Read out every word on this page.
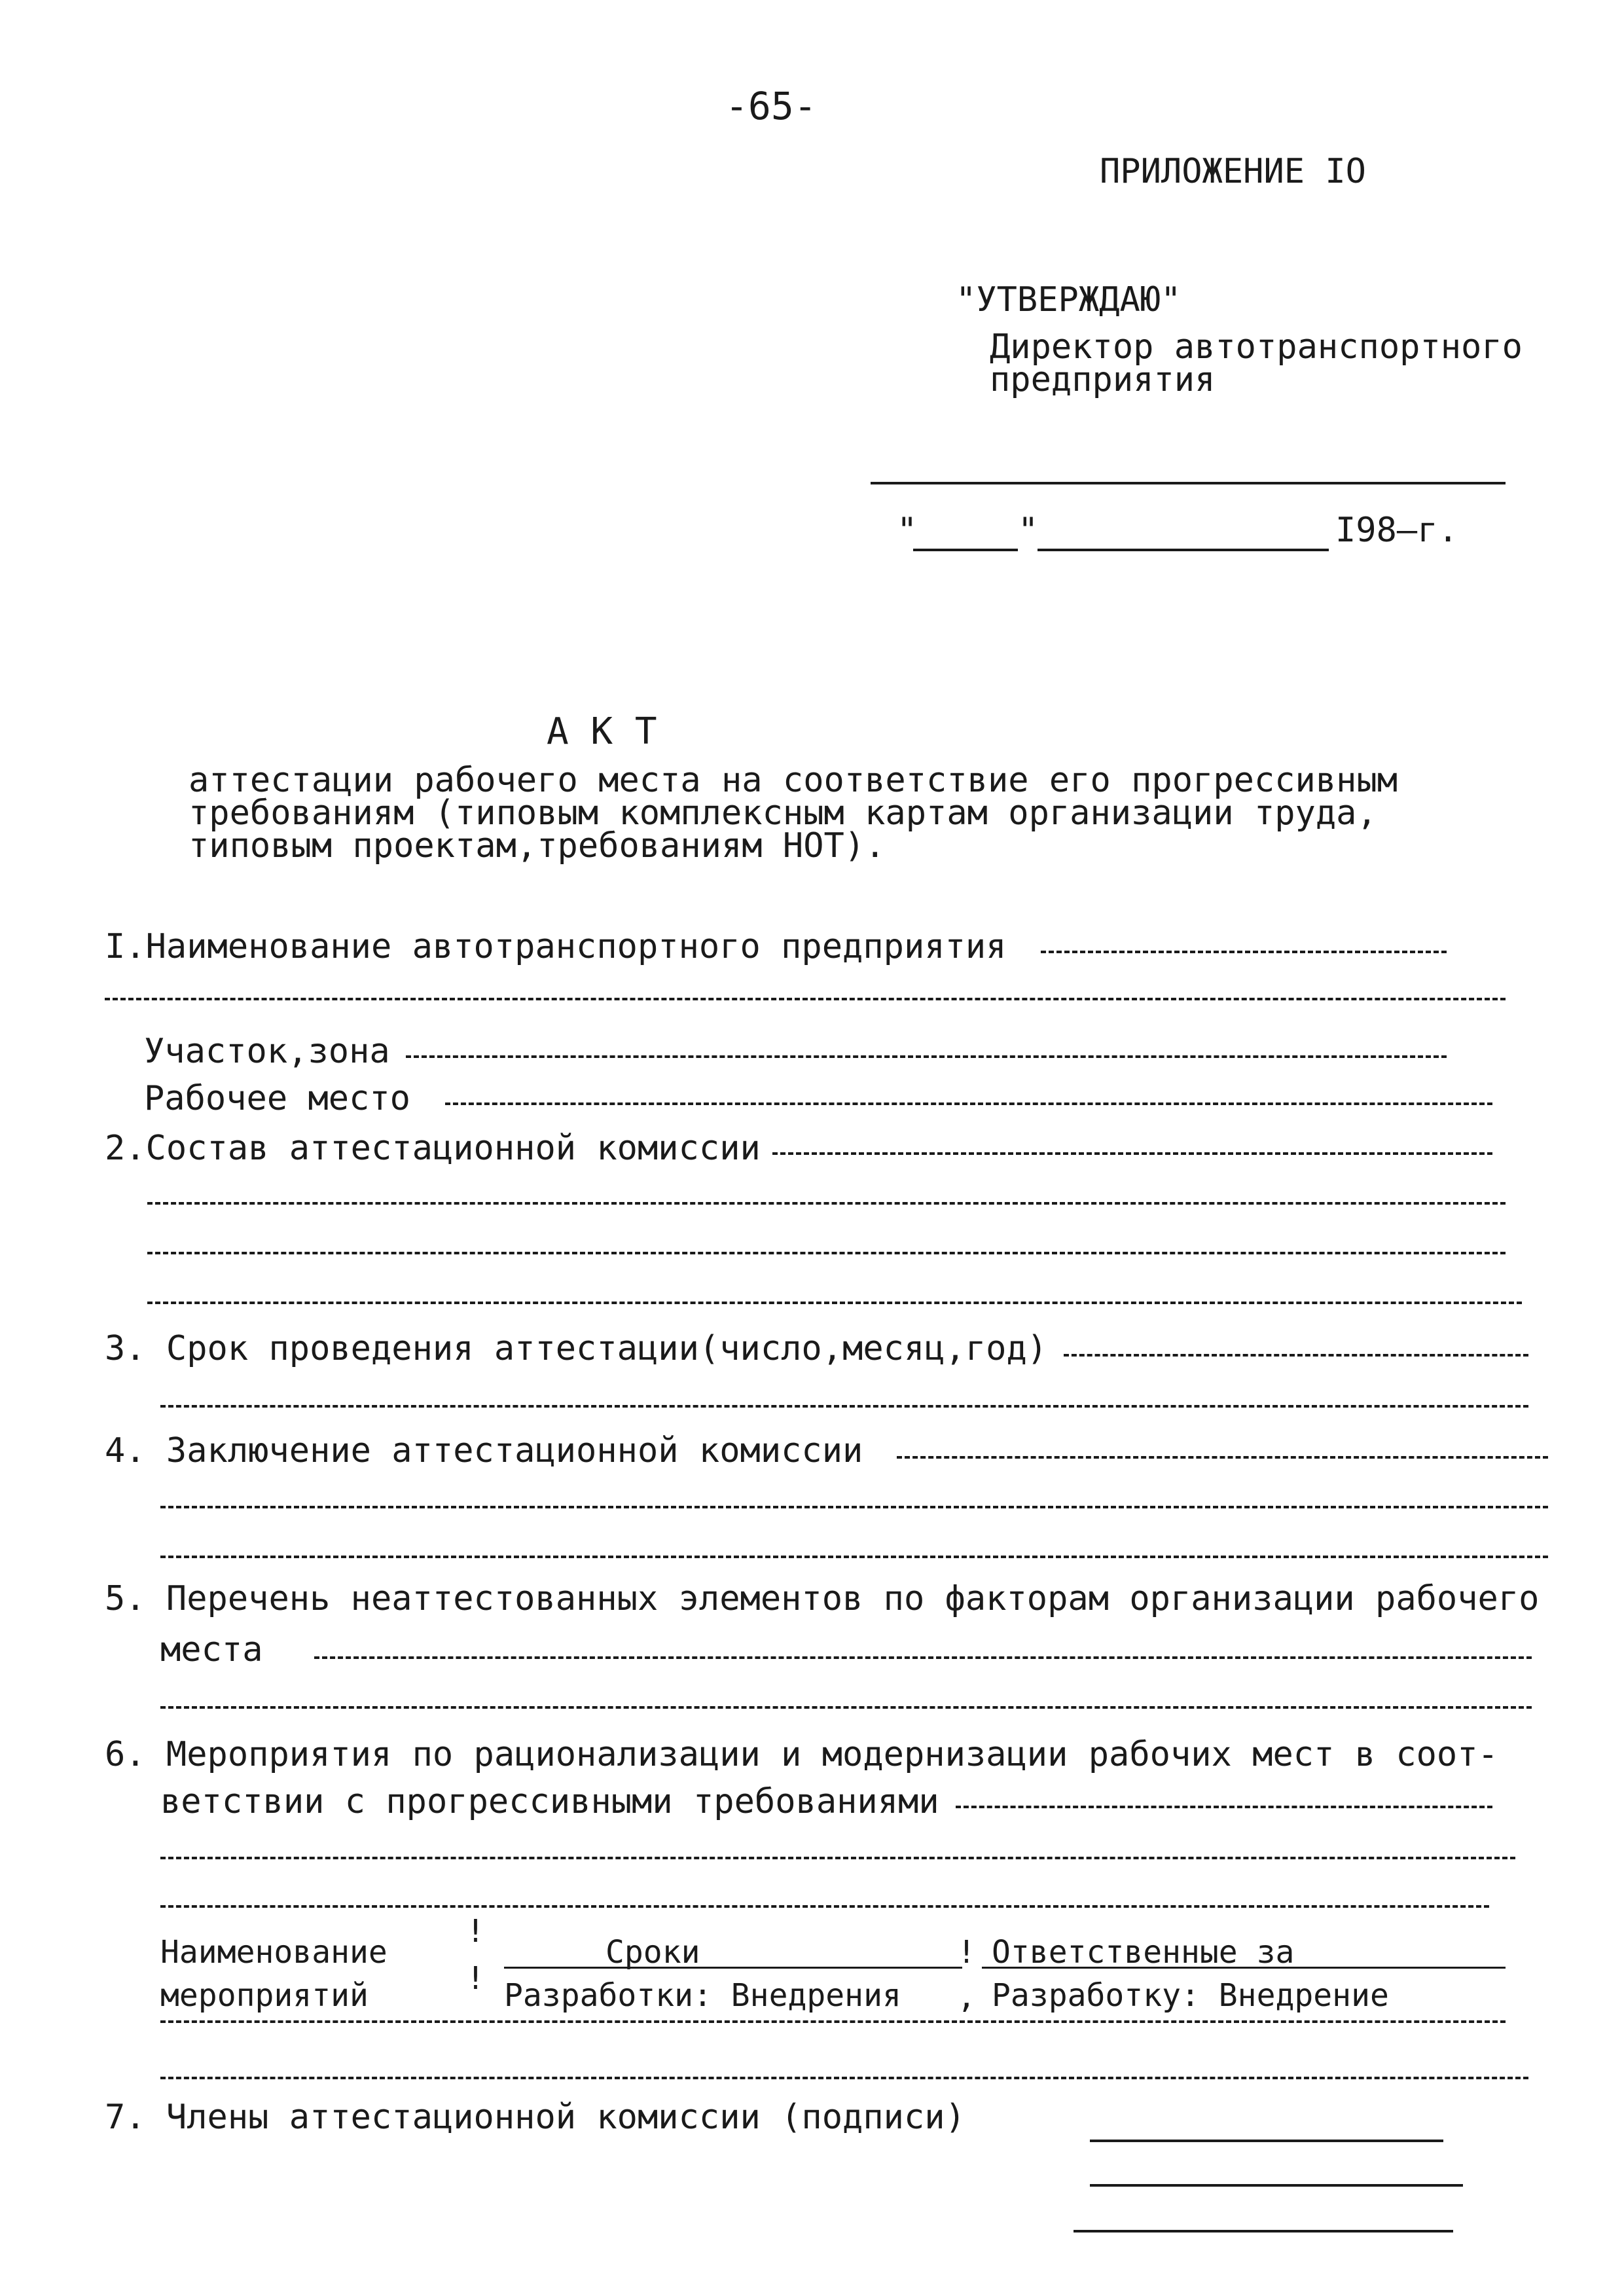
-65-
ПРИЛОЖЕНИЕ IO
"УТВЕРЖДАЮ"
Директор автотранспортного
предприятия
"	"	I98—г.
А К Т
аттестации рабочего места на соответствие его прогрессивным
требованиям (типовым комплексным картам организации труда,
типовым проектам,требованиям НОТ).
I.Наименование автотранспортного предприятия
Участок,зона
Рабочее место
2.Состав аттестационной комиссии
3. Срок проведения аттестации(число,месяц,год)
4. Заключение аттестационной комиссии
5. Перечень неаттестованных элементов по факторам организации рабочего
места
6. Мероприятия по рационализации и модернизации рабочих мест в соот-
ветствии с прогрессивными требованиями
Наименование
мероприятий
!
!
Сроки
Разработки: Внедрения
!
,
Ответственные за
Разработку: Внедрение
7. Члены аттестационной комиссии (подписи)
